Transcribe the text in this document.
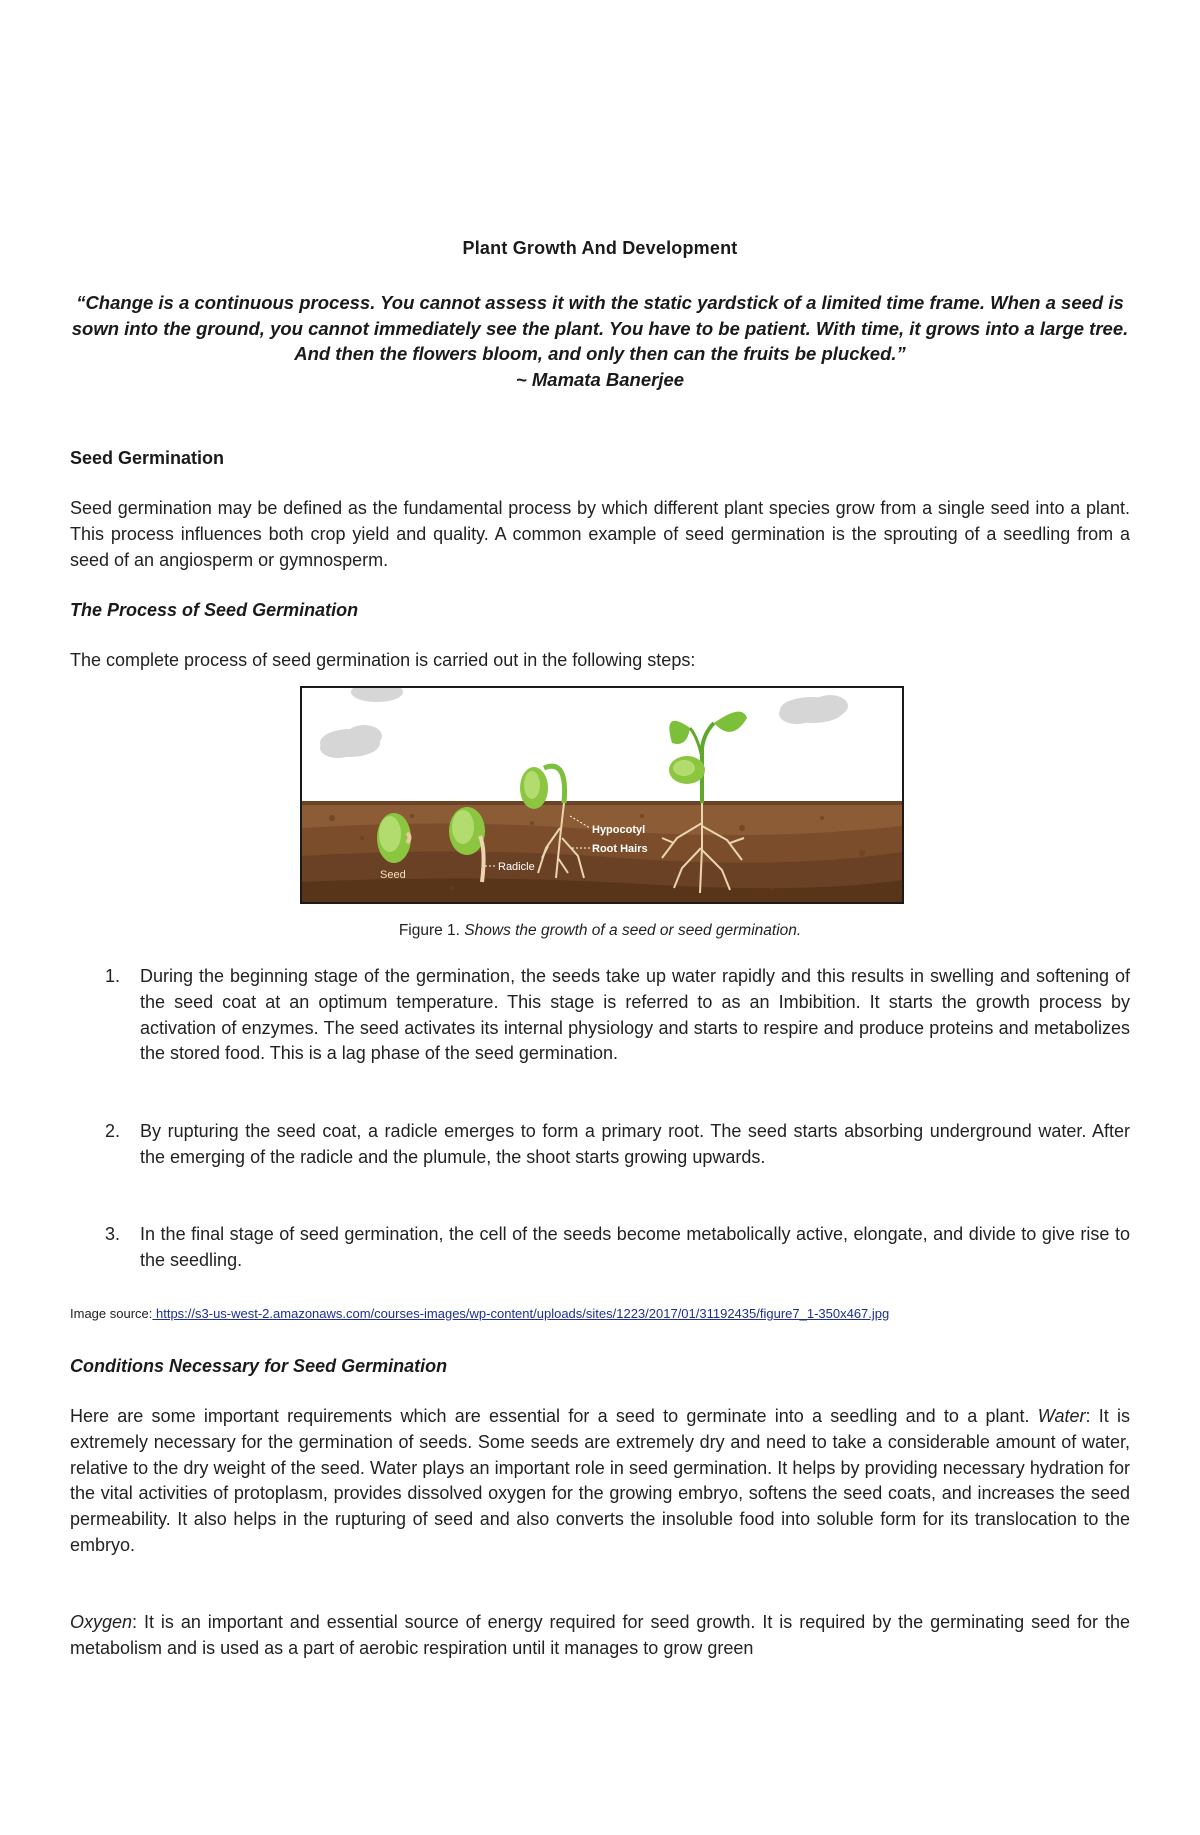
Plant Growth And Development
“Change is a continuous process. You cannot assess it with the static yardstick of a limited time frame. When a seed is sown into the ground, you cannot immediately see the plant. You have to be patient. With time, it grows into a large tree. And then the flowers bloom, and only then can the fruits be plucked.”
~ Mamata Banerjee
Seed Germination
Seed germination may be defined as the fundamental process by which different plant species grow from a single seed into a plant. This process influences both crop yield and quality. A common example of seed germination is the sprouting of a seedling from a seed of an angiosperm or gymnosperm.
The Process of Seed Germination
The complete process of seed germination is carried out in the following steps:
Seed
Radicle
Hypocotyl
Root Hairs
Figure 1. Shows the growth of a seed or seed germination.
1. During the beginning stage of the germination, the seeds take up water rapidly and this results in swelling and softening of the seed coat at an optimum temperature. This stage is referred to as an Imbibition. It starts the growth process by activation of enzymes. The seed activates its internal physiology and starts to respire and produce proteins and metabolizes the stored food. This is a lag phase of the seed germination.
2. By rupturing the seed coat, a radicle emerges to form a primary root. The seed starts absorbing underground water. After the emerging of the radicle and the plumule, the shoot starts growing upwards.
3. In the final stage of seed germination, the cell of the seeds become metabolically active, elongate, and divide to give rise to the seedling.
Image source: https://s3-us-west-2.amazonaws.com/courses-images/wp-content/uploads/sites/1223/2017/01/31192435/figure7_1-350x467.jpg
Conditions Necessary for Seed Germination
Here are some important requirements which are essential for a seed to germinate into a seedling and to a plant. Water: It is extremely necessary for the germination of seeds. Some seeds are extremely dry and need to take a considerable amount of water, relative to the dry weight of the seed. Water plays an important role in seed germination. It helps by providing necessary hydration for the vital activities of protoplasm, provides dissolved oxygen for the growing embryo, softens the seed coats, and increases the seed permeability. It also helps in the rupturing of seed and also converts the insoluble food into soluble form for its translocation to the embryo.
Oxygen: It is an important and essential source of energy required for seed growth. It is required by the germinating seed for the metabolism and is used as a part of aerobic respiration until it manages to grow green
